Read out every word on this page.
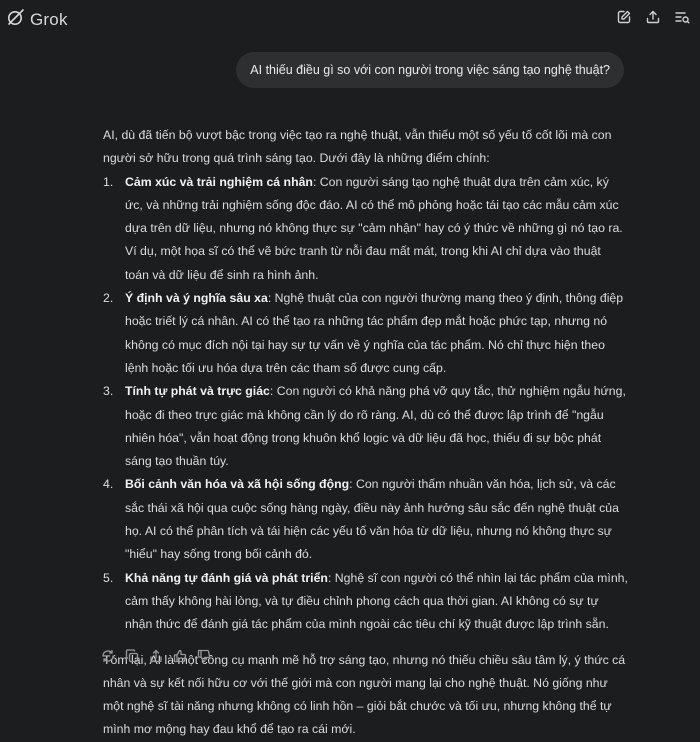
Grok
AI thiếu điều gì so với con người trong việc sáng tạo nghệ thuật?

AI, dù đã tiến bộ vượt bậc trong việc tạo ra nghệ thuật, vẫn thiếu một số yếu tố cốt lõi mà con người sở hữu trong quá trình sáng tạo. Dưới đây là những điểm chính:

1. Cảm xúc và trải nghiệm cá nhân: Con người sáng tạo nghệ thuật dựa trên cảm xúc, ký ức, và những trải nghiệm sống độc đáo. AI có thể mô phỏng hoặc tái tạo các mẫu cảm xúc dựa trên dữ liệu, nhưng nó không thực sự "cảm nhận" hay có ý thức về những gì nó tạo ra. Ví dụ, một họa sĩ có thể vẽ bức tranh từ nỗi đau mất mát, trong khi AI chỉ dựa vào thuật toán và dữ liệu để sinh ra hình ảnh.
2. Ý định và ý nghĩa sâu xa: Nghệ thuật của con người thường mang theo ý định, thông điệp hoặc triết lý cá nhân. AI có thể tạo ra những tác phẩm đẹp mắt hoặc phức tạp, nhưng nó không có mục đích nội tại hay sự tự vấn về ý nghĩa của tác phẩm. Nó chỉ thực hiện theo lệnh hoặc tối ưu hóa dựa trên các tham số được cung cấp.
3. Tính tự phát và trực giác: Con người có khả năng phá vỡ quy tắc, thử nghiệm ngẫu hứng, hoặc đi theo trực giác mà không cần lý do rõ ràng. AI, dù có thể được lập trình để "ngẫu nhiên hóa", vẫn hoạt động trong khuôn khổ logic và dữ liệu đã học, thiếu đi sự bộc phát sáng tạo thuần túy.
4. Bối cảnh văn hóa và xã hội sống động: Con người thấm nhuần văn hóa, lịch sử, và các sắc thái xã hội qua cuộc sống hàng ngày, điều này ảnh hưởng sâu sắc đến nghệ thuật của họ. AI có thể phân tích và tái hiện các yếu tố văn hóa từ dữ liệu, nhưng nó không thực sự "hiểu" hay sống trong bối cảnh đó.
5. Khả năng tự đánh giá và phát triển: Nghệ sĩ con người có thể nhìn lại tác phẩm của mình, cảm thấy không hài lòng, và tự điều chỉnh phong cách qua thời gian. AI không có sự tự nhận thức để đánh giá tác phẩm của mình ngoài các tiêu chí kỹ thuật được lập trình sẵn.

Tóm lại, AI là một công cụ mạnh mẽ hỗ trợ sáng tạo, nhưng nó thiếu chiều sâu tâm lý, ý thức cá nhân và sự kết nối hữu cơ với thế giới mà con người mang lại cho nghệ thuật. Nó giống như một nghệ sĩ tài năng nhưng không có linh hồn – giỏi bắt chước và tối ưu, nhưng không thể tự mình mơ mộng hay đau khổ để tạo ra cái mới.
